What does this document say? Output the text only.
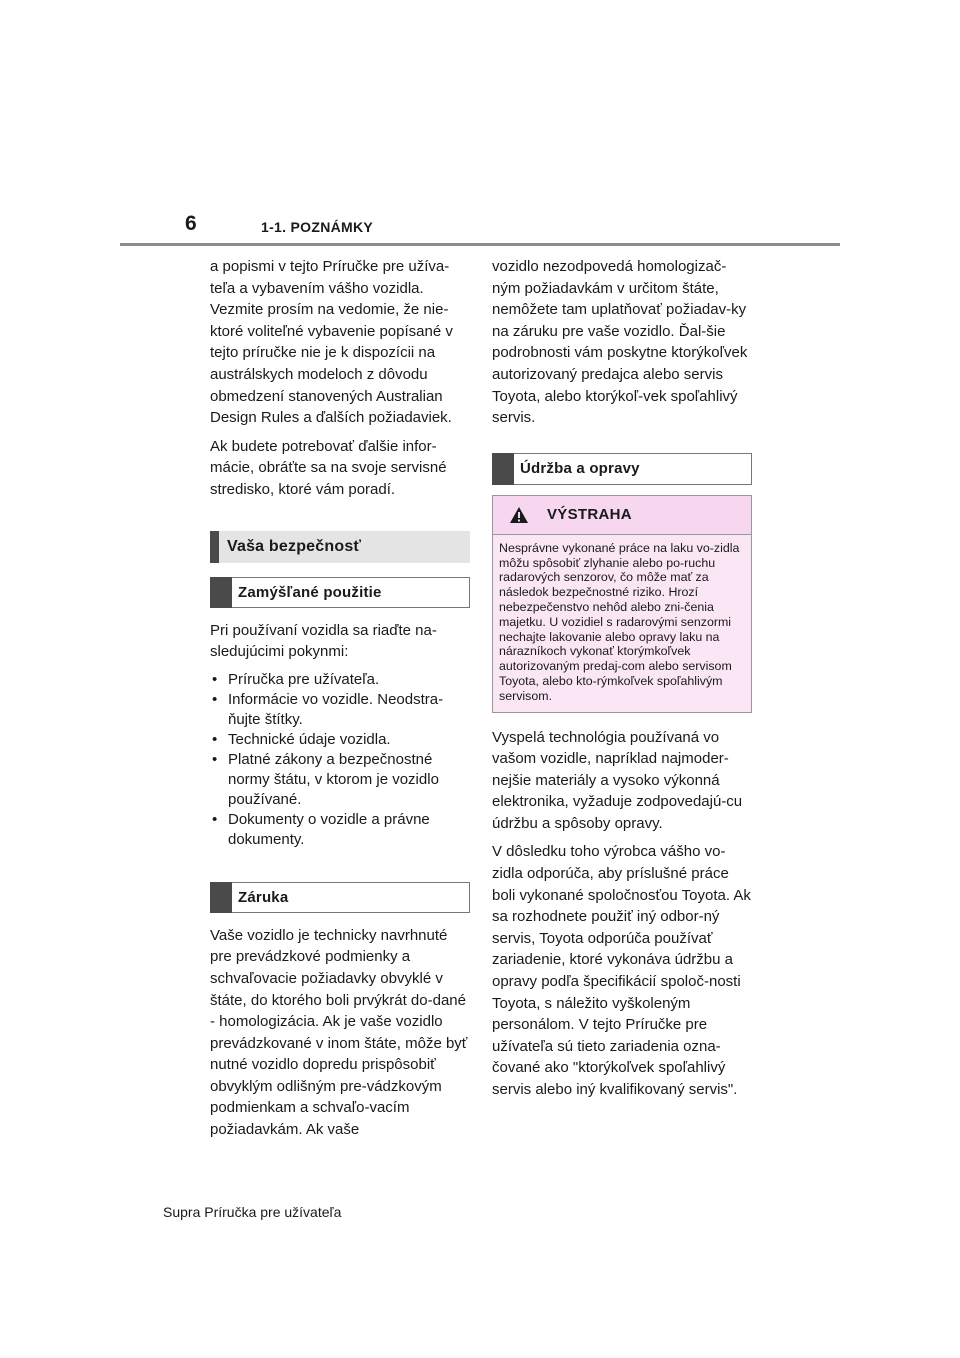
6	1-1. POZNÁMKY

a popismi v tejto Príručke pre užíva-teľa a vybavením vášho vozidla. Vezmite prosím na vedomie, že nie-ktoré voliteľné vybavenie popísané v tejto príručke nie je k dispozícii na austrálskych modeloch z dôvodu obmedzení stanovených Australian Design Rules a ďalších požiadaviek.

Ak budete potrebovať ďalšie infor-mácie, obráťte sa na svoje servisné stredisko, ktoré vám poradí.

Vaša bezpečnosť
Zamýšľané použitie

Pri používaní vozidla sa riaďte na-sledujúcimi pokynmi:

• Príručka pre užívateľa.
• Informácie vo vozidle. Neodstra-ňujte štítky.
• Technické údaje vozidla.
• Platné zákony a bezpečnostné normy štátu, v ktorom je vozidlo používané.
• Dokumenty o vozidle a právne dokumenty.
Záruka

Vaše vozidlo je technicky navrhnuté pre prevádzkové podmienky a schvaľovacie požiadavky obvyklé v štáte, do ktorého boli prvýkrát do-dané - homologizácia. Ak je vaše vozidlo prevádzkované v inom štáte, môže byť nutné vozidlo dopredu prispôsobiť obvyklým odlišným pre-vádzkovým podmienkam a schvaľo-vacím požiadavkám. Ak vaše

vozidlo nezodpovedá homologizač-ným požiadavkám v určitom štáte, nemôžete tam uplatňovať požiadav-ky na záruku pre vaše vozidlo. Ďal-šie podrobnosti vám poskytne ktorýkoľvek autorizovaný predajca alebo servis Toyota, alebo ktorýkoľ-vek spoľahlivý servis.

Údržba a opravy
VÝSTRAHA
Nesprávne vykonané práce na laku vo-zidla môžu spôsobiť zlyhanie alebo po-ruchu radarových senzorov, čo môže mať za následok bezpečnostné riziko. Hrozí nebezpečenstvo nehôd alebo zni-čenia majetku. U vozidiel s radarovými senzormi nechajte lakovanie alebo opravy laku na nárazníkoch vykonať ktorýmkoľvek autorizovaným predaj-com alebo servisom Toyota, alebo kto-rýmkoľvek spoľahlivým servisom.

Vyspelá technológia používaná vo vašom vozidle, napríklad najmoder-nejšie materiály a vysoko výkonná elektronika, vyžaduje zodpovedajú-cu údržbu a spôsoby opravy.

V dôsledku toho výrobca vášho vo-zidla odporúča, aby príslušné práce boli vykonané spoločnosťou Toyota. Ak sa rozhodnete použiť iný odbor-ný servis, Toyota odporúča používať zariadenie, ktoré vykonáva údržbu a opravy podľa špecifikácií spoloč-nosti Toyota, s náležito vyškoleným personálom. V tejto Príručke pre užívateľa sú tieto zariadenia ozna-čované ako "ktorýkoľvek spoľahlivý servis alebo iný kvalifikovaný servis".

Supra Príručka pre užívateľa
